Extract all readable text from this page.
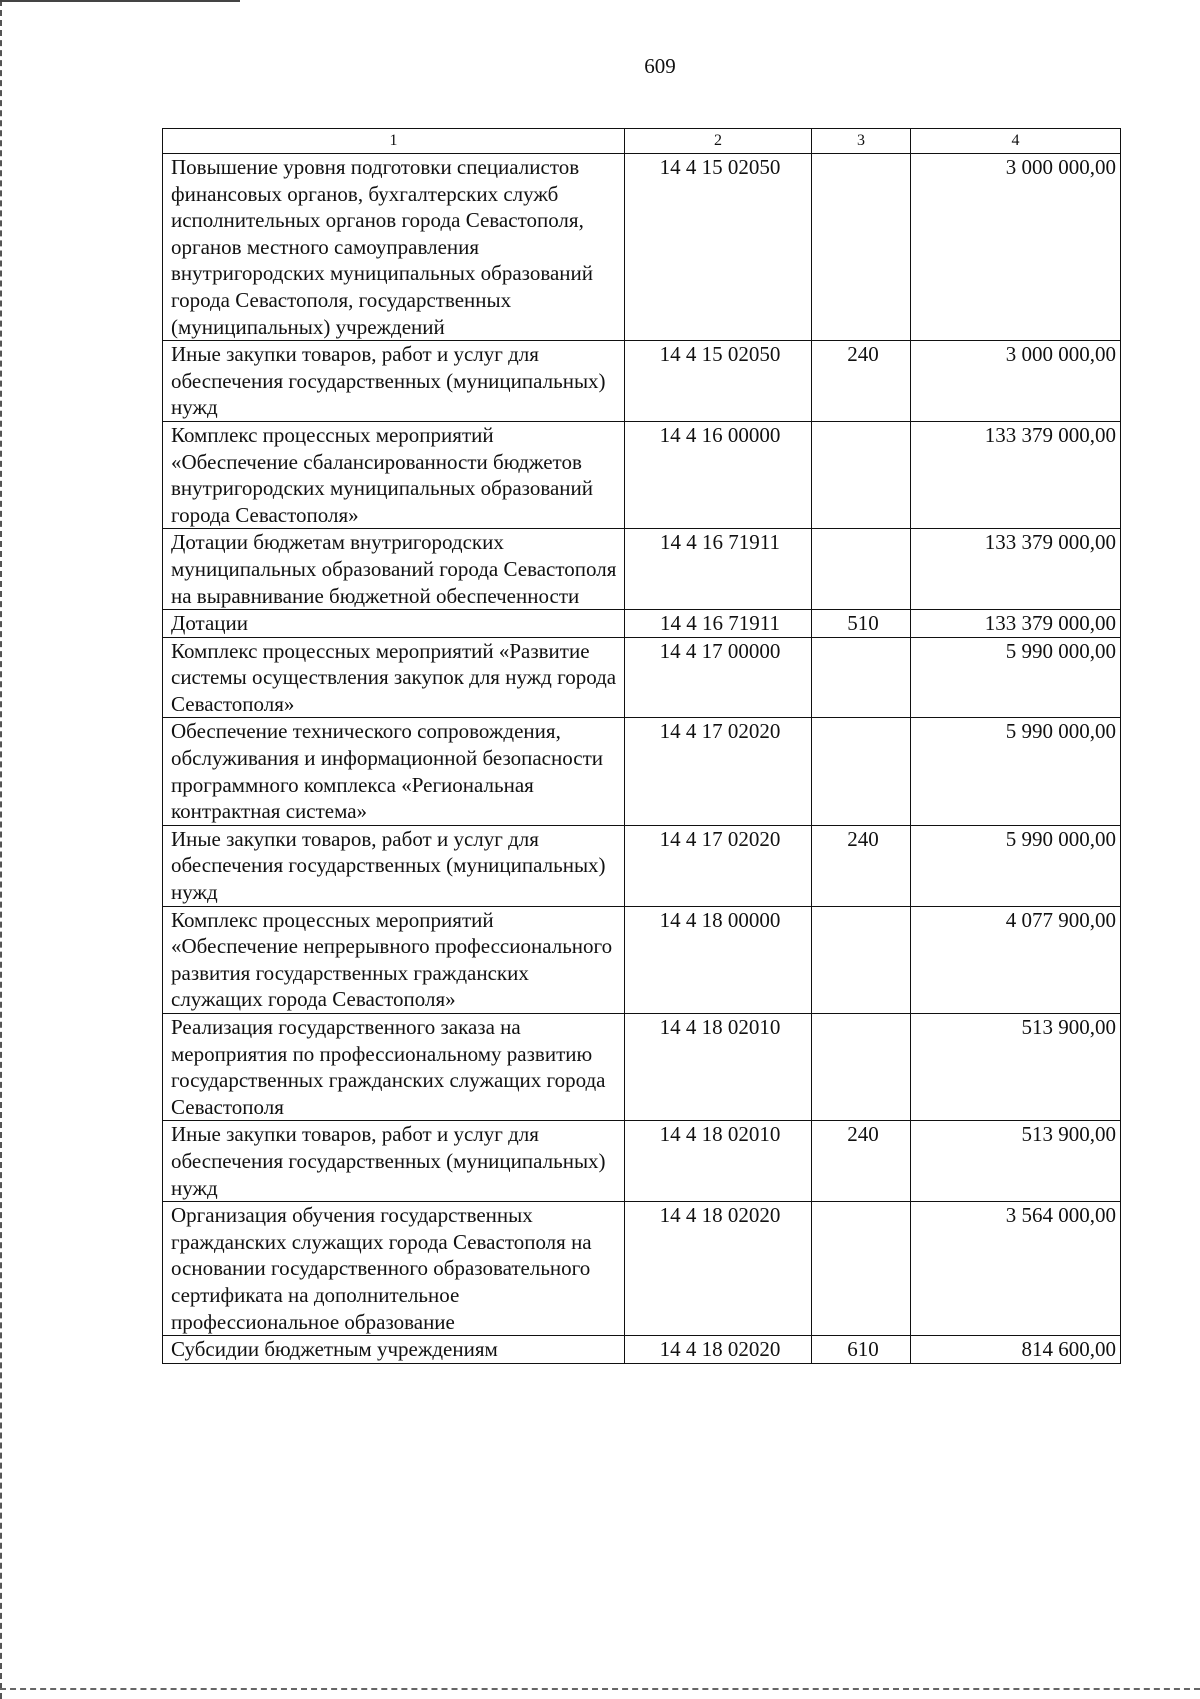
609
1	2	3	4
Повышение уровня подготовки специалистов финансовых органов, бухгалтерских служб исполнительных органов города Севастополя, органов местного самоуправления внутригородских муниципальных образований города Севастополя, государственных (муниципальных) учреждений	14 4 15 02050		3 000 000,00
Иные закупки товаров, работ и услуг для обеспечения государственных (муниципальных) нужд	14 4 15 02050	240	3 000 000,00
Комплекс процессных мероприятий «Обеспечение сбалансированности бюджетов внутригородских муниципальных образований города Севастополя»	14 4 16 00000		133 379 000,00
Дотации бюджетам внутригородских муниципальных образований города Севастополя на выравнивание бюджетной обеспеченности	14 4 16 71911		133 379 000,00
Дотации	14 4 16 71911	510	133 379 000,00
Комплекс процессных мероприятий «Развитие системы осуществления закупок для нужд города Севастополя»	14 4 17 00000		5 990 000,00
Обеспечение технического сопровождения, обслуживания и информационной безопасности программного комплекса «Региональная контрактная система»	14 4 17 02020		5 990 000,00
Иные закупки товаров, работ и услуг для обеспечения государственных (муниципальных) нужд	14 4 17 02020	240	5 990 000,00
Комплекс процессных мероприятий «Обеспечение непрерывного профессионального развития государственных гражданских служащих города Севастополя»	14 4 18 00000		4 077 900,00
Реализация государственного заказа на мероприятия по профессиональному развитию государственных гражданских служащих города Севастополя	14 4 18 02010		513 900,00
Иные закупки товаров, работ и услуг для обеспечения государственных (муниципальных) нужд	14 4 18 02010	240	513 900,00
Организация обучения государственных гражданских служащих города Севастополя на основании государственного образовательного сертификата на дополнительное профессиональное образование	14 4 18 02020		3 564 000,00
Субсидии бюджетным учреждениям	14 4 18 02020	610	814 600,00
